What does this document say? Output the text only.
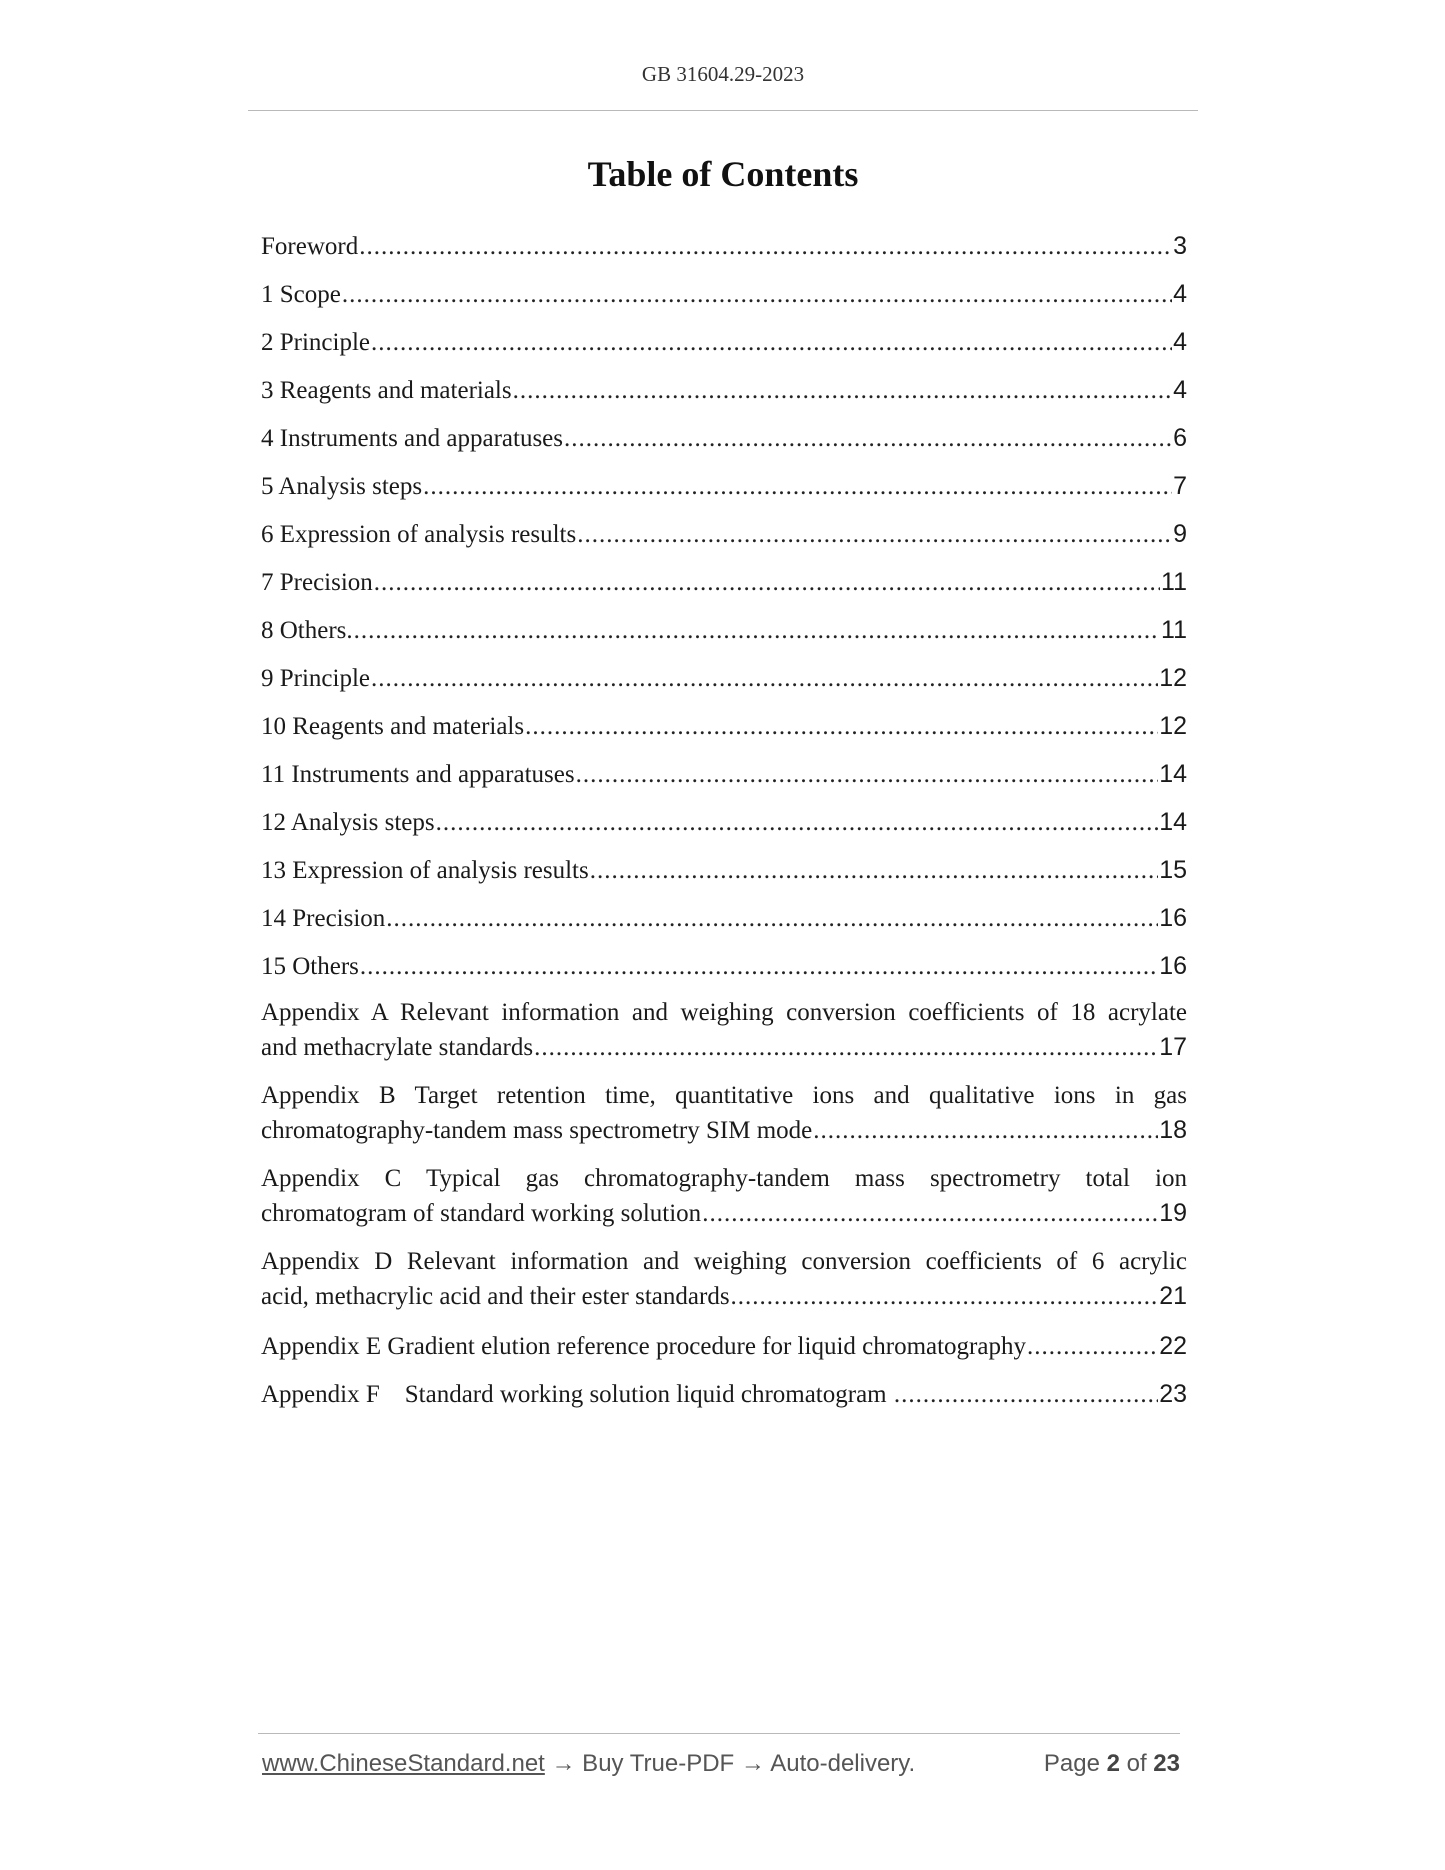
GB 31604.29-2023
Table of Contents
Foreword .....	3
1 Scope .....	4
2 Principle .....	4
3 Reagents and materials .....	4
4 Instruments and apparatuses .....	6
5 Analysis steps .....	7
6 Expression of analysis results .....	9
7 Precision .....	11
8 Others. .....	11
9 Principle .....	12
10 Reagents and materials .....	12
11 Instruments and apparatuses .....	14
12 Analysis steps .....	14
13 Expression of analysis results .....	15
14 Precision .....	16
15 Others .....	16
Appendix A Relevant information and weighing conversion coefficients of 18 acrylate
and methacrylate standards .....	17
Appendix B Target retention time, quantitative ions and qualitative ions in gas
chromatography-tandem mass spectrometry SIM mode .....	18
Appendix C Typical gas chromatography-tandem mass spectrometry total ion
chromatogram of standard working solution .....	19
Appendix D Relevant information and weighing conversion coefficients of 6 acrylic
acid, methacrylic acid and their ester standards .....	21
Appendix E Gradient elution reference procedure for liquid chromatography .....	22
Appendix F    Standard working solution liquid chromatogram .....	23
www.ChineseStandard.net → Buy True-PDF → Auto-delivery.	Page 2 of 23
